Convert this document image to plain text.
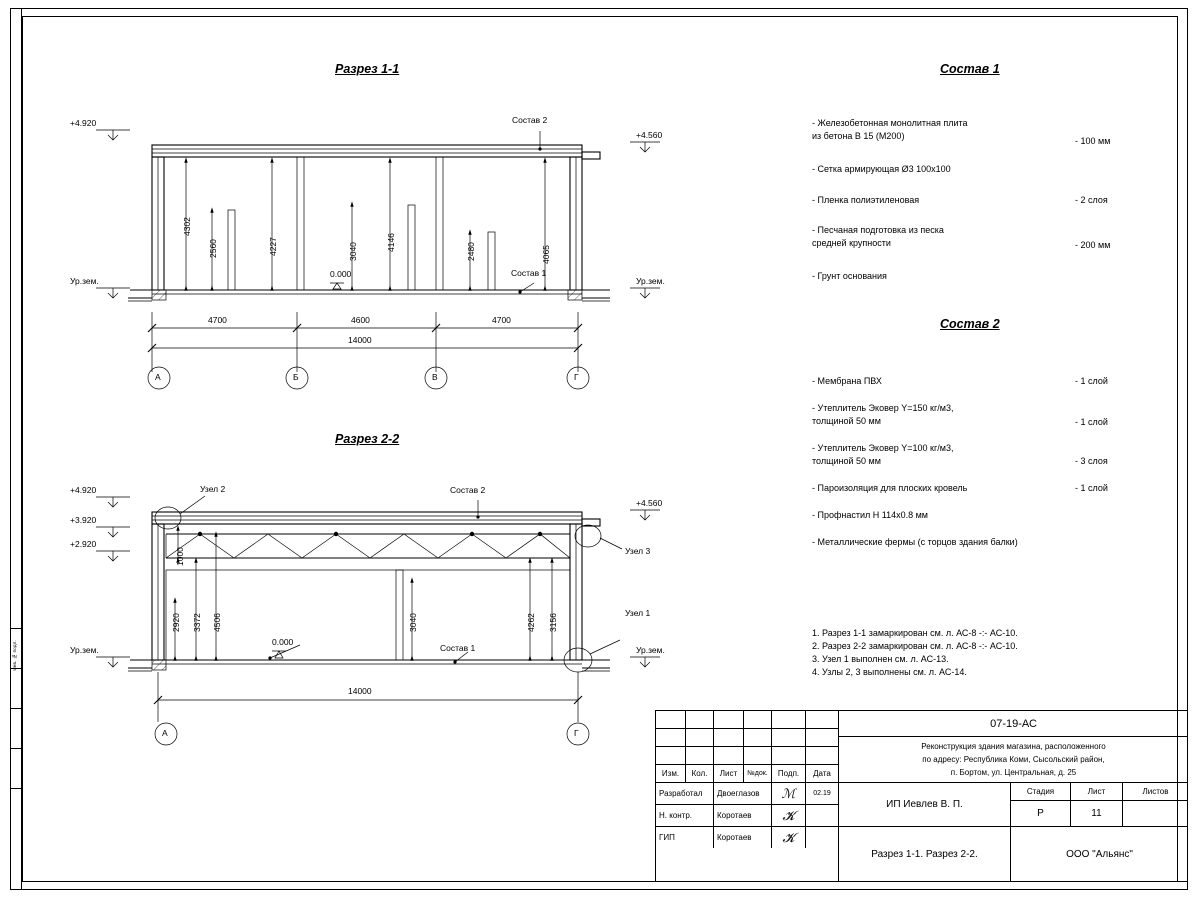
Инв. № подл.
Разрез 1-1
+4.920
+4.560
Ур.зем.	Ур.зем.
0.000
Состав 2
Состав 1
4302
2560	4227	3040	4146	2480	4065
4700	4600	4700
14000
А	Б	В	Г
Разрез 2-2
+4.920
+3.920
+2.920
+4.560
Ур.зем.	Ур.зем.
0.000
Состав 2
Состав 1
Узел 2
Узел 3
Узел 1
1000
2920 3372 4506	3040	4262 3156
14000
А	Г
Состав 1
- Железобетонная монолитная плита
из бетона В 15 (М200)	- 100 мм
- Сетка армирующая Ø3 100х100
- Пленка полиэтиленовая	- 2 слоя
- Песчаная подготовка из песка
средней крупности	- 200 мм
- Грунт основания
Состав 2
- Мембрана ПВХ	- 1 слой
- Утеплитель Эковер Y=150 кг/м3,
толщиной 50 мм	- 1 слой
- Утеплитель Эковер Y=100 кг/м3,
толщиной 50 мм	- 3 слоя
- Пароизоляция для плоских кровель	- 1 слой
- Профнастил Н 114х0.8 мм
- Металлические фермы (с торцов здания балки)
1. Разрез 1-1 замаркирован см. л. АС-8 -:- АС-10.
2. Разрез 2-2 замаркирован см. л. АС-8 -:- АС-10.
3. Узел 1 выполнен см. л. АС-13.
4. Узлы 2, 3 выполнены см. л. АС-14.
Изм.	Кол.	Лист	№док.	Подп.	Дата
Разработал	Двоеглазов	ℳ	02.19
Н. контр.	Коротаев	𝓚
ГИП	Коротаев	𝓚
07-19-АС
Реконструкция здания магазина, расположенного
по адресу: Республика Коми, Сысольский район,
п. Бортом, ул. Центральная, д. 25
ИП Иевлев В. П.
Стадия	Лист	Листов
Р	11
Разрез 1-1. Разрез 2-2.	ООО "Альянс"
